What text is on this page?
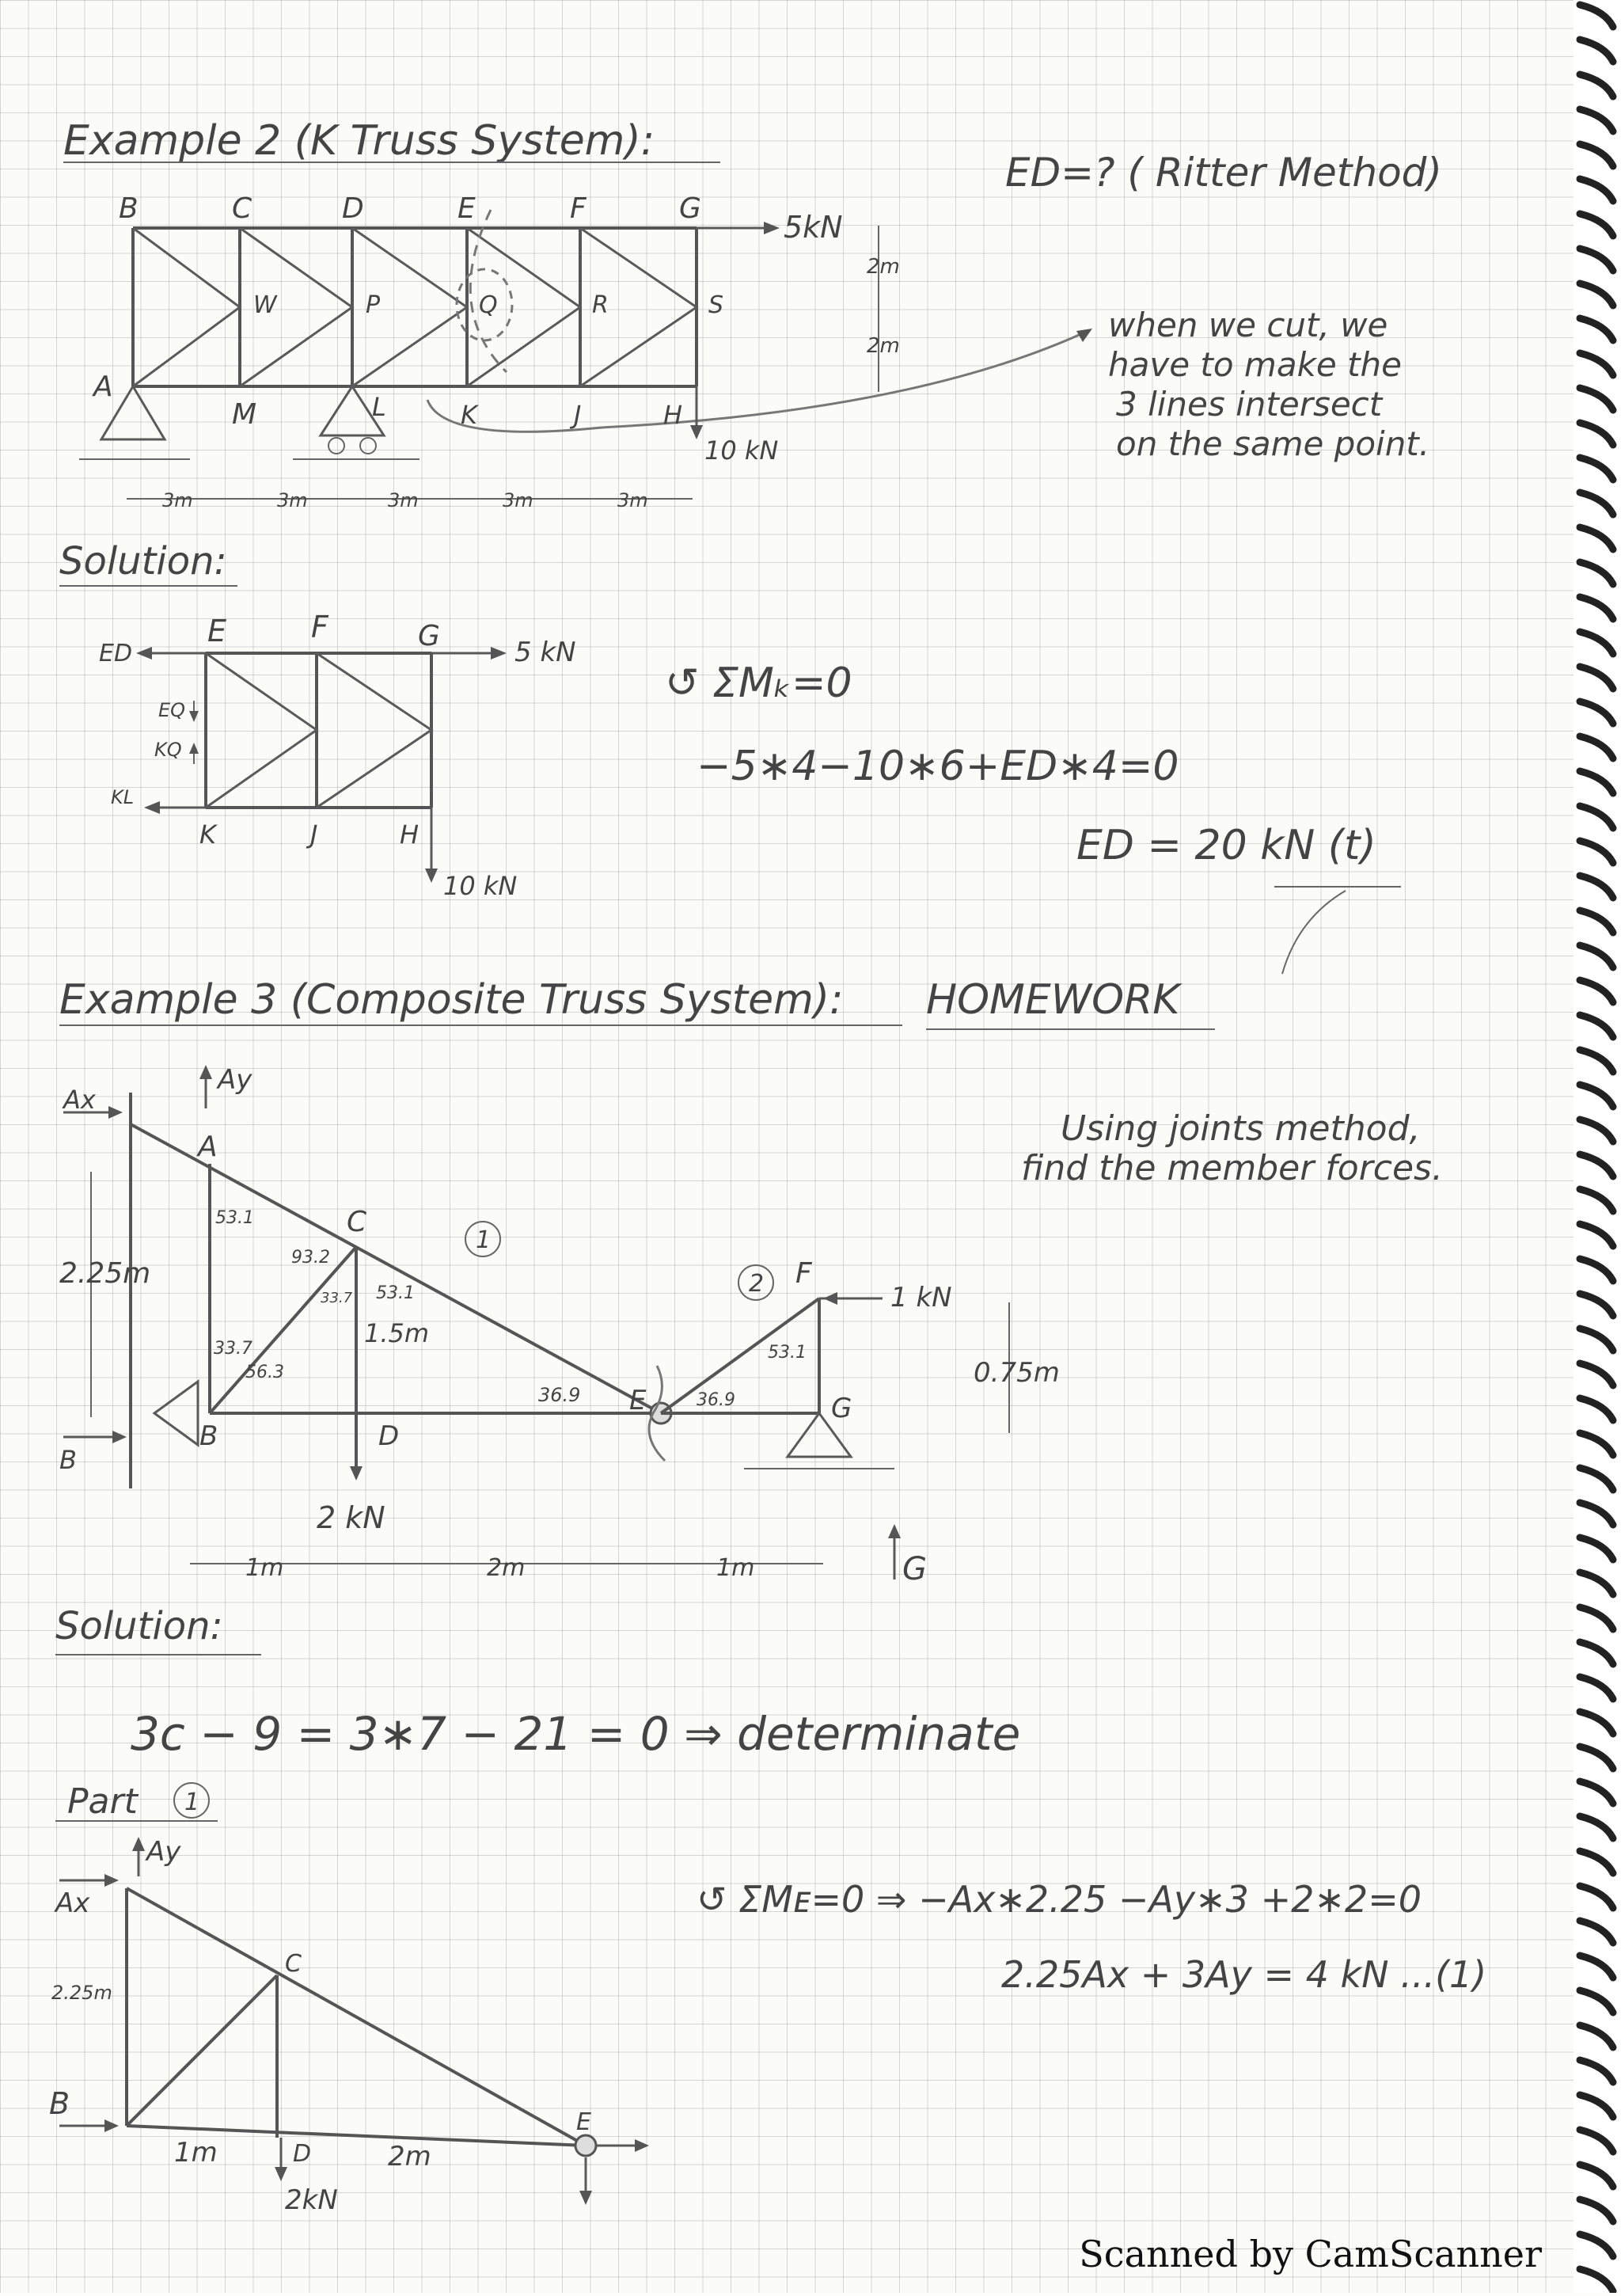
Example 2 (K Truss System):
ED=? ( Ritter Method)
B	C	D	E	F	G
W	P	Q	R	S
A
M	L	K	J	H
5kN
10 kN
2m
2m
3m	3m	3m	3m	3m
when we cut, we
have to make the
3 lines intersect
on the same point.
Solution:
ED
EQ
KQ
KL
E	F	G
K	J	H
5 kN
10 kN
↺ ΣMₖ=0
−5∗4−10∗6+ED∗4=0
ED = 20 kN (t)
Example 3 (Composite Truss System): HOMEWORK
Using joints method,
find the member forces.
Ax
Ay
B
2.25m
A
C
B	D
E
F
G
53.1
93.2
33.7
53.1
33.7
56.3
36.9	36.9
53.1
1.5m
1
2	1 kN
0.75m
2 kN
1m	2m	1m	G
Solution:
3c − 9 = 3∗7 − 21 = 0 ⇒ determinate
Part 1
Ax
Ay
2.25m
B
C
D
E
1m	2m
2kN
↺ ΣMᴇ=0 ⇒ −Ax∗2.25 −Ay∗3 +2∗2=0
2.25Ax + 3Ay = 4 kN ...(1)
Scanned by CamScanner
